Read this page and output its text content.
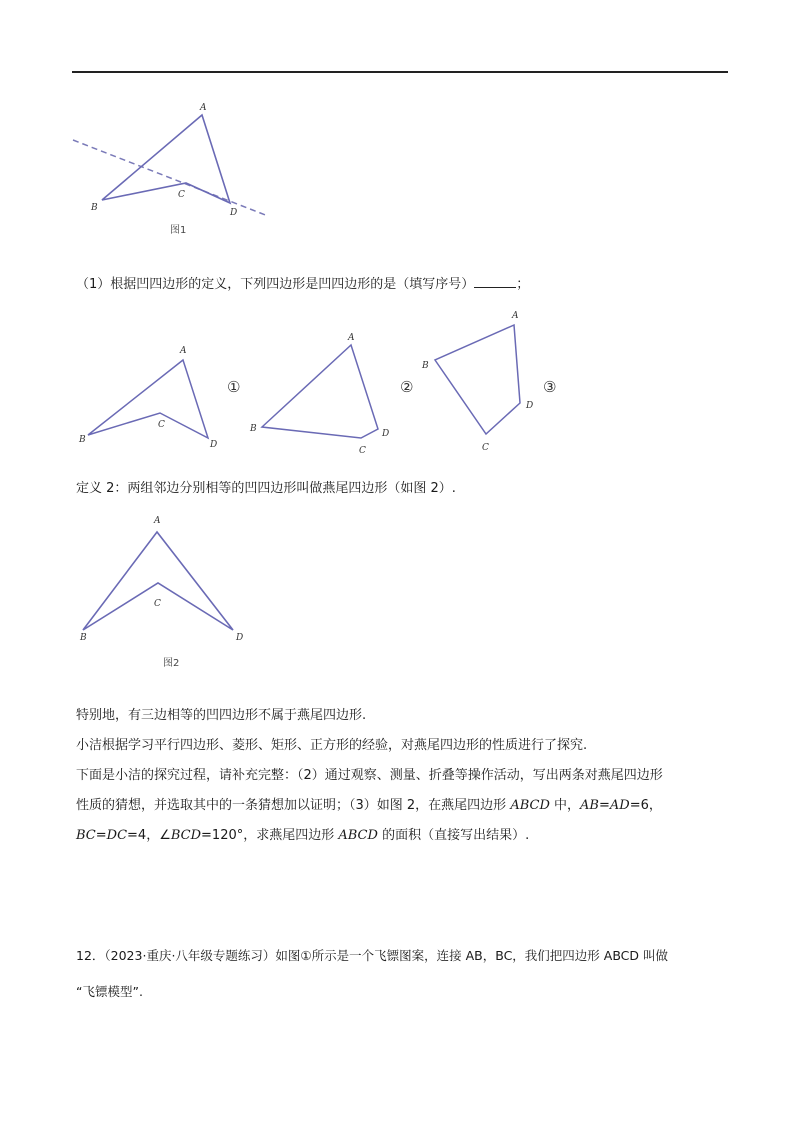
A
B
C
D
图1
（1）根据凹四边形的定义，下列四边形是凹四边形的是（填写序号）	；
A
B
C
D
①
A
B
C
D
②
A
B
C
D
③
定义 2：两组邻边分别相等的凹四边形叫做燕尾四边形（如图 2）.
A
B
C
D
图2
特别地，有三边相等的凹四边形不属于燕尾四边形.
小洁根据学习平行四边形、菱形、矩形、正方形的经验，对燕尾四边形的性质进行了探究.
下面是小洁的探究过程，请补充完整：（2）通过观察、测量、折叠等操作活动，写出两条对燕尾四边形
性质的猜想，并选取其中的一条猜想加以证明；（3）如图 2，在燕尾四边形 ABCD 中，AB=AD=6，
BC=DC=4，∠BCD=120°，求燕尾四边形 ABCD 的面积（直接写出结果）.
12．（2023·重庆·八年级专题练习）如图①所示是一个飞镖图案，连接 AB，BC，我们把四边形 ABCD 叫做
“飞镖模型”.
